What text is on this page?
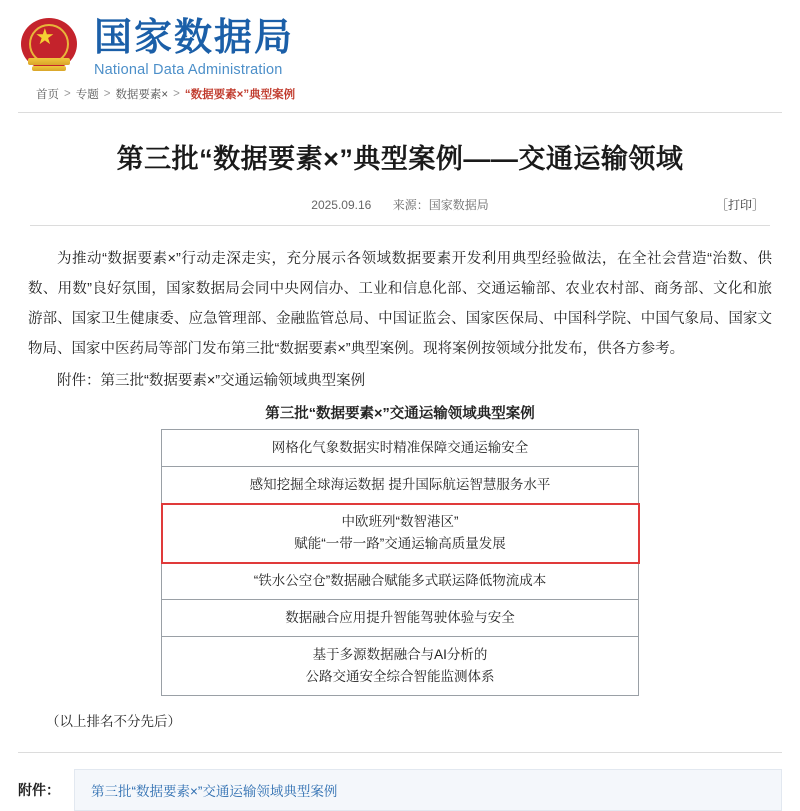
国家数据局
National Data Administration
首页 > 专题 > 数据要素× > “数据要素×”典型案例
第三批“数据要素×”典型案例——交通运输领域
2025.09.16 来源：国家数据局	［打印］

为推动“数据要素×”行动走深走实，充分展示各领域数据要素开发利用典型经验做法，在全社会营造“治数、供数、用数”良好氛围，国家数据局会同中央网信办、工业和信息化部、交通运输部、农业农村部、商务部、文化和旅游部、国家卫生健康委、应急管理部、金融监管总局、中国证监会、国家医保局、中国科学院、中国气象局、国家文物局、国家中医药局等部门发布第三批“数据要素×”典型案例。现将案例按领域分批发布，供各方参考。

附件：第三批“数据要素×”交通运输领域典型案例
第三批“数据要素×”交通运输领域典型案例
网格化气象数据实时精准保障交通运输安全
感知挖掘全球海运数据 提升国际航运智慧服务水平

中欧班列“数智港区”
赋能“一带一路”交通运输高质量发展

“铁水公空仓”数据融合赋能多式联运降低物流成本
数据融合应用提升智能驾驶体验与安全

基于多源数据融合与AI分析的
公路交通安全综合智能监测体系
（以上排名不分先后）
附件：	第三批“数据要素×”交通运输领域典型案例
